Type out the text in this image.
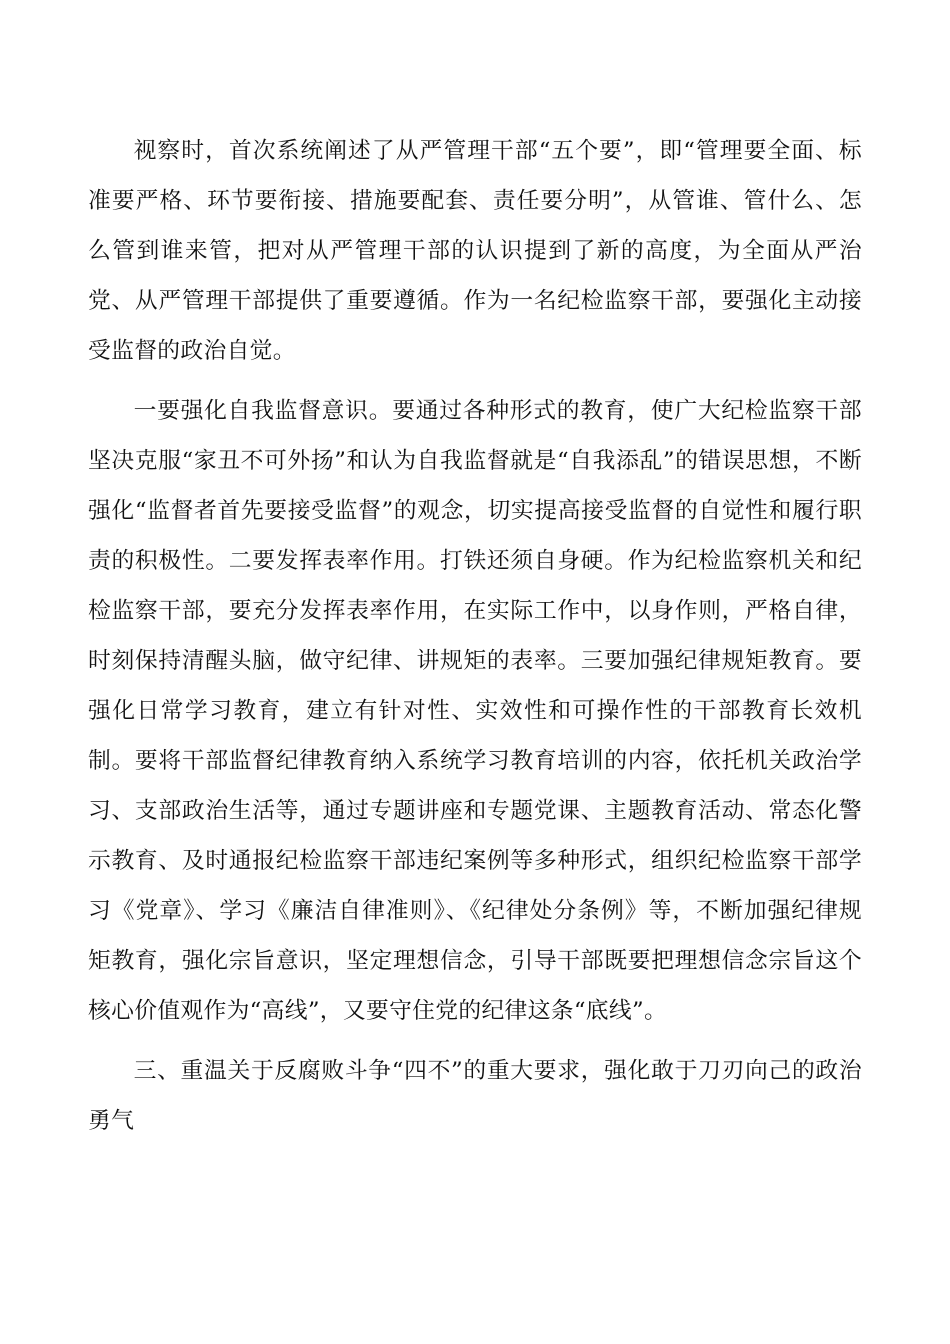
视察时，首次系统阐述了从严管理干部“五个要”，即“管理要全面、标准要严格、环节要衔接、措施要配套、责任要分明”，从管谁、管什么、怎么管到谁来管，把对从严管理干部的认识提到了新的高度，为全面从严治党、从严管理干部提供了重要遵循。作为一名纪检监察干部，要强化主动接受监督的政治自觉。

一要强化自我监督意识。要通过各种形式的教育，使广大纪检监察干部坚决克服“家丑不可外扬”和认为自我监督就是“自我添乱”的错误思想，不断强化“监督者首先要接受监督”的观念，切实提高接受监督的自觉性和履行职责的积极性。二要发挥表率作用。打铁还须自身硬。作为纪检监察机关和纪检监察干部，要充分发挥表率作用，在实际工作中，以身作则，严格自律，时刻保持清醒头脑，做守纪律、讲规矩的表率。三要加强纪律规矩教育。要强化日常学习教育，建立有针对性、实效性和可操作性的干部教育长效机制。要将干部监督纪律教育纳入系统学习教育培训的内容，依托机关政治学习、支部政治生活等，通过专题讲座和专题党课、主题教育活动、常态化警示教育、及时通报纪检监察干部违纪案例等多种形式，组织纪检监察干部学习《党章》、学习《廉洁自律准则》、《纪律处分条例》等，不断加强纪律规矩教育，强化宗旨意识，坚定理想信念，引导干部既要把理想信念宗旨这个核心价值观作为“高线”，又要守住党的纪律这条“底线”。

三、重温关于反腐败斗争“四不”的重大要求，强化敢于刀刃向己的政治勇气
